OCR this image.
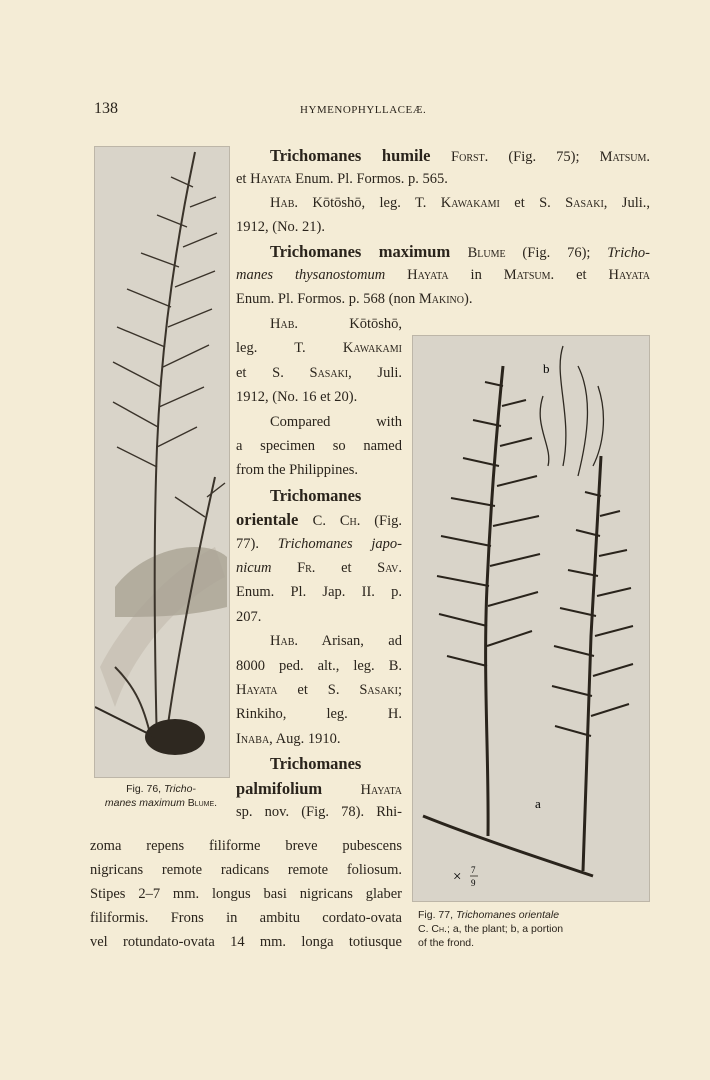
138	HYMENOPHYLLACEÆ.
Fig. 76, Tricho-
manes maximum Blume.
b
a
× 7
9
Fig. 77, Trichomanes orientale
C. Ch.; a, the plant; b, a portion
of the frond.
Trichomanes humile Forst. (Fig. 75); Matsum.
et Hayata Enum. Pl. Formos. p. 565.
Hab. Kōtōshō, leg. T. Kawakami et S. Sasaki, Juli.,
1912, (No. 21).
Trichomanes maximum Blume (Fig. 76); Tricho-
manes thysanostomum Hayata in Matsum. et Hayata
Enum. Pl. Formos. p. 568 (non Makino).
Hab. Kōtōshō,
leg. T. Kawakami
et S. Sasaki, Juli.
1912, (No. 16 et 20).
Compared with
a specimen so named
from the Philippines.
Trichomanes
orientale C. Ch. (Fig.
77). Trichomanes japo-
nicum Fr. et Sav.
Enum. Pl. Jap. II. p.
207.
Hab. Arisan, ad
8000 ped. alt., leg. B.
Hayata et S. Sasaki;
Rinkiho, leg. H.
Inaba, Aug. 1910.
Trichomanes
palmifolium Hayata
sp. nov. (Fig. 78). Rhi-
zoma repens filiforme breve pubescens
nigricans remote radicans remote foliosum.
Stipes 2–7 mm. longus basi nigricans glaber
filiformis. Frons in ambitu cordato-ovata
vel rotundato-ovata 14 mm. longa totiusque
